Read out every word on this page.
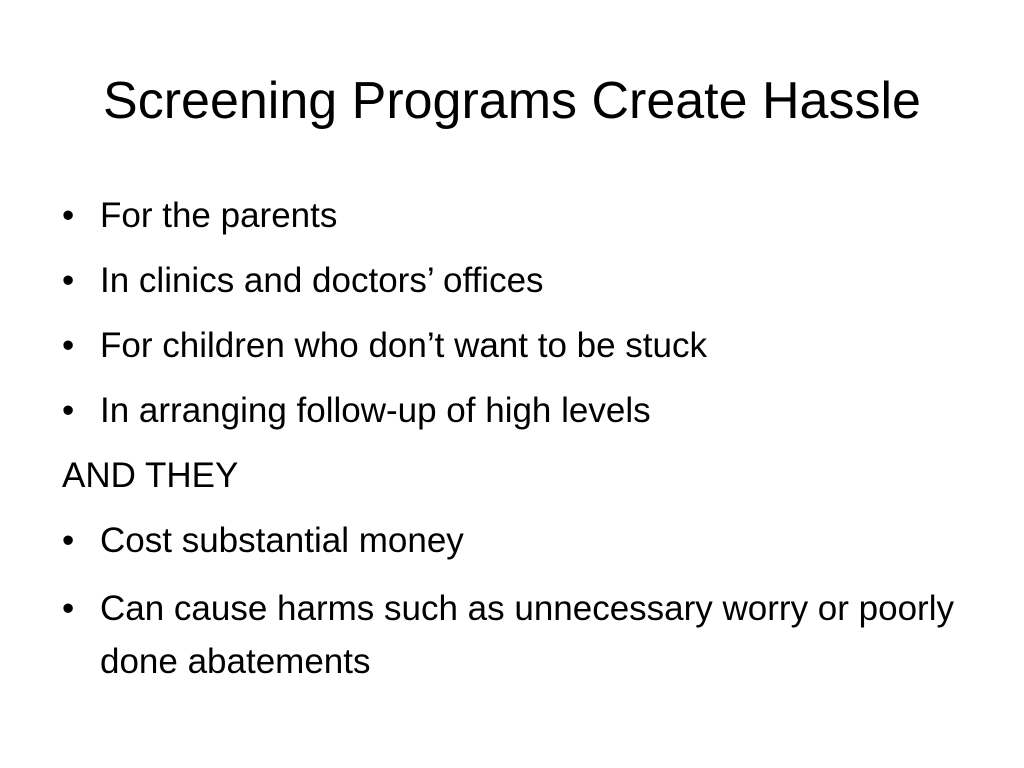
Screening Programs Create Hassle
• For the parents
• In clinics and doctors’ offices
• For children who don’t want to be stuck
• In arranging follow-up of high levels
AND THEY
• Cost substantial money
• Can cause harms such as unnecessary worry or poorly done abatements
